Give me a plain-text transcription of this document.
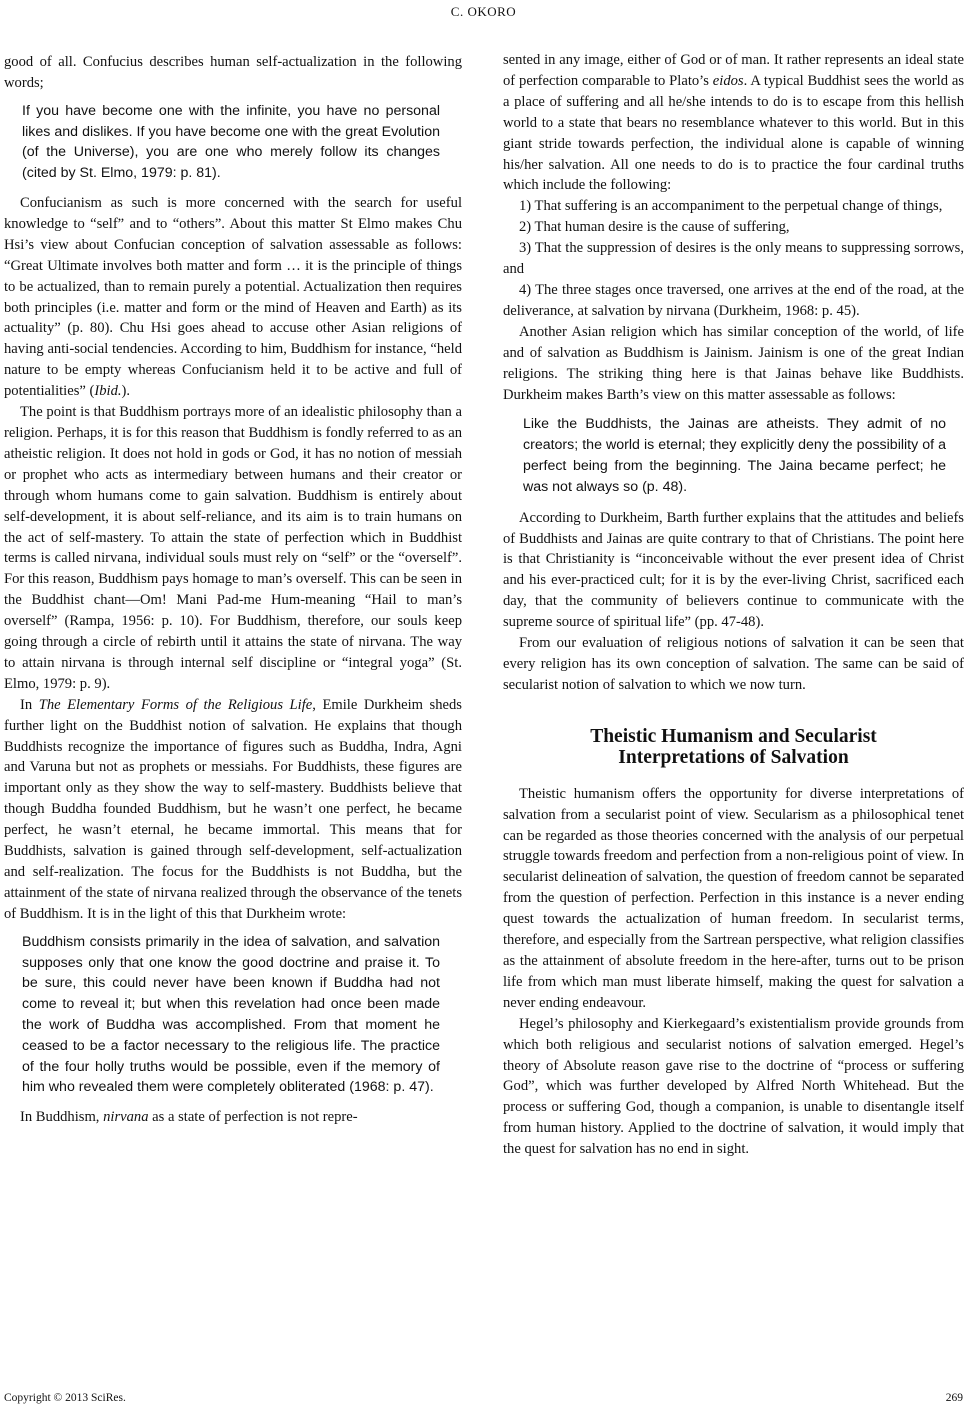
C. OKORO

good of all. Confucius describes human self-actualization in the following words;

If you have become one with the infinite, you have no personal likes and dislikes. If you have become one with the great Evolution (of the Universe), you are one who merely follow its changes (cited by St. Elmo, 1979: p. 81).

Confucianism as such is more concerned with the search for useful knowledge to “self” and to “others”. About this matter St Elmo makes Chu Hsi’s view about Confucian conception of salvation assessable as follows: “Great Ultimate involves both matter and form … it is the principle of things to be actualized, than to remain purely a potential. Actualization then requires both principles (i.e. matter and form or the mind of Heaven and Earth) as its actuality” (p. 80). Chu Hsi goes ahead to accuse other Asian religions of having anti-social tendencies. According to him, Buddhism for instance, “held nature to be empty whereas Confucianism held it to be active and full of potentialities” (Ibid.).

The point is that Buddhism portrays more of an idealistic philosophy than a religion. Perhaps, it is for this reason that Buddhism is fondly referred to as an atheistic religion. It does not hold in gods or God, it has no notion of messiah or prophet who acts as intermediary between humans and their creator or through whom humans come to gain salvation. Buddhism is entirely about self-development, it is about self-reliance, and its aim is to train humans on the act of self-mastery. To attain the state of perfection which in Buddhist terms is called nirvana, individual souls must rely on “self” or the “overself”. For this reason, Buddhism pays homage to man’s overself. This can be seen in the Buddhist chant—Om! Mani Pad-me Hum-meaning “Hail to man’s overself” (Rampa, 1956: p. 10). For Buddhism, therefore, our souls keep going through a circle of rebirth until it attains the state of nirvana. The way to attain nirvana is through internal self discipline or “integral yoga” (St. Elmo, 1979: p. 9).

In The Elementary Forms of the Religious Life, Emile Durkheim sheds further light on the Buddhist notion of salvation. He explains that though Buddhists recognize the importance of figures such as Buddha, Indra, Agni and Varuna but not as prophets or messiahs. For Buddhists, these figures are important only as they show the way to self-mastery. Buddhists believe that though Buddha founded Buddhism, but he wasn’t one perfect, he became perfect, he wasn’t eternal, he became immortal. This means that for Buddhists, salvation is gained through self-development, self-actualization and self-realization. The focus for the Buddhists is not Buddha, but the attainment of the state of nirvana realized through the observance of the tenets of Buddhism. It is in the light of this that Durkheim wrote:

Buddhism consists primarily in the idea of salvation, and salvation supposes only that one know the good doctrine and praise it. To be sure, this could never have been known if Buddha had not come to reveal it; but when this revelation had once been made the work of Buddha was accomplished. From that moment he ceased to be a factor necessary to the religious life. The practice of the four holly truths would be possible, even if the memory of him who revealed them were completely obliterated (1968: p. 47).

In Buddhism, nirvana as a state of perfection is not repre-

sented in any image, either of God or of man. It rather represents an ideal state of perfection comparable to Plato’s eidos. A typical Buddhist sees the world as a place of suffering and all he/she intends to do is to escape from this hellish world to a state that bears no resemblance whatever to this world. But in this giant stride towards perfection, the individual alone is capable of winning his/her salvation. All one needs to do is to practice the four cardinal truths which include the following:

1) That suffering is an accompaniment to the perpetual change of things,

2) That human desire is the cause of suffering,

3) That the suppression of desires is the only means to suppressing sorrows, and

4) The three stages once traversed, one arrives at the end of the road, at the deliverance, at salvation by nirvana (Durkheim, 1968: p. 45).

Another Asian religion which has similar conception of the world, of life and of salvation as Buddhism is Jainism. Jainism is one of the great Indian religions. The striking thing here is that Jainas behave like Buddhists. Durkheim makes Barth’s view on this matter assessable as follows:

Like the Buddhists, the Jainas are atheists. They admit of no creators; the world is eternal; they explicitly deny the possibility of a perfect being from the beginning. The Jaina became perfect; he was not always so (p. 48).

According to Durkheim, Barth further explains that the attitudes and beliefs of Buddhists and Jainas are quite contrary to that of Christians. The point here is that Christianity is “inconceivable without the ever present idea of Christ and his ever-practiced cult; for it is by the ever-living Christ, sacrificed each day, that the community of believers continue to communicate with the supreme source of spiritual life” (pp. 47-48).

From our evaluation of religious notions of salvation it can be seen that every religion has its own conception of salvation. The same can be said of secularist notion of salvation to which we now turn.

Theistic Humanism and Secularist
Interpretations of Salvation

Theistic humanism offers the opportunity for diverse interpretations of salvation from a secularist point of view. Secularism as a philosophical tenet can be regarded as those theories concerned with the analysis of our perpetual struggle towards freedom and perfection from a non-religious point of view. In secularist delineation of salvation, the question of freedom cannot be separated from the question of perfection. Perfection in this instance is a never ending quest towards the actualization of human freedom. In secularist terms, therefore, and especially from the Sartrean perspective, what religion classifies as the attainment of absolute freedom in the here-after, turns out to be prison life from which man must liberate himself, making the quest for salvation a never ending endeavour.

Hegel’s philosophy and Kierkegaard’s existentialism provide grounds from which both religious and secularist notions of salvation emerged. Hegel’s theory of Absolute reason gave rise to the doctrine of “process or suffering God”, which was further developed by Alfred North Whitehead. But the process or suffering God, though a companion, is unable to disentangle itself from human history. Applied to the doctrine of salvation, it would imply that the quest for salvation has no end in sight.

Copyright © 2013 SciRes.	269
